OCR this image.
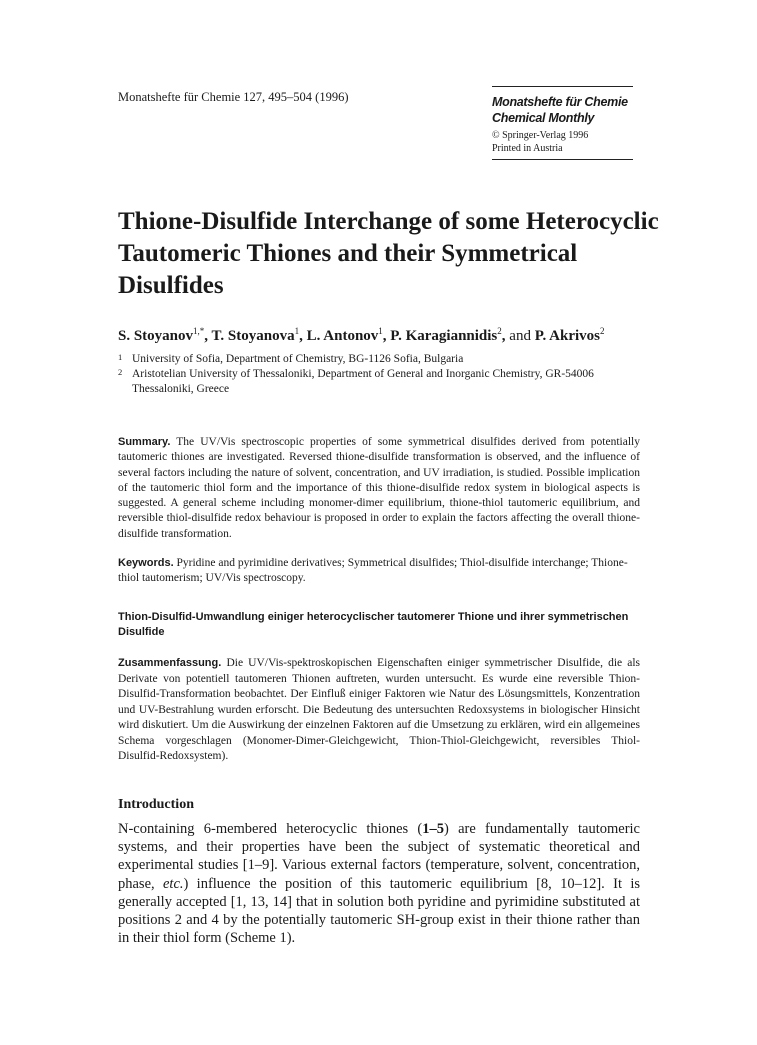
Monatshefte für Chemie 127, 495–504 (1996)	Monatshefte für Chemie
Chemical Monthly
© Springer-Verlag 1996
Printed in Austria
Thione-Disulfide Interchange of some Heterocyclic Tautomeric Thiones and their Symmetrical Disulfides

S. Stoyanov$^{1,*}$, T. Stoyanova$^1$, L. Antonov$^1$, P. Karagiannidis$^2$, and P. Akrivos$^2$

1 University of Sofia, Department of Chemistry, BG-1126 Sofia, Bulgaria
2 Aristotelian University of Thessaloniki, Department of General and Inorganic Chemistry, GR-54006 Thessaloniki, Greece

Summary. The UV/Vis spectroscopic properties of some symmetrical disulfides derived from potentially tautomeric thiones are investigated. Reversed thione-disulfide transformation is observed, and the influence of several factors including the nature of solvent, concentration, and UV irradiation, is studied. Possible implication of the tautomeric thiol form and the importance of this thione-disulfide redox system in biological aspects is suggested. A general scheme including monomer-dimer equilibrium, thione-thiol tautomeric equilibrium, and reversible thiol-disulfide redox behaviour is proposed in order to explain the factors affecting the overall thione-disulfide transformation.

Keywords. Pyridine and pyrimidine derivatives; Symmetrical disulfides; Thiol-disulfide interchange; Thione-thiol tautomerism; UV/Vis spectroscopy.

Thion-Disulfid-Umwandlung einiger heterocyclischer tautomerer Thione und ihrer symmetrischen Disulfide

Zusammenfassung. Die UV/Vis-spektroskopischen Eigenschaften einiger symmetrischer Disulfide, die als Derivate von potentiell tautomeren Thionen auftreten, wurden untersucht. Es wurde eine reversible Thion-Disulfid-Transformation beobachtet. Der Einfluß einiger Faktoren wie Natur des Lösungsmittels, Konzentration und UV-Bestrahlung wurden erforscht. Die Bedeutung des untersuchten Redoxsystems in biologischer Hinsicht wird diskutiert. Um die Auswirkung der einzelnen Faktoren auf die Umsetzung zu erklären, wird ein allgemeines Schema vorgeschlagen (Monomer-Dimer-Gleichgewicht, Thion-Thiol-Gleichgewicht, reversibles Thiol-Disulfid-Redoxsystem).

Introduction

N-containing 6-membered heterocyclic thiones (1–5) are fundamentally tautomeric systems, and their properties have been the subject of systematic theoretical and experimental studies [1–9]. Various external factors (temperature, solvent, concentration, phase, etc.) influence the position of this tautomeric equilibrium [8, 10–12]. It is generally accepted [1, 13, 14] that in solution both pyridine and pyrimidine substituted at positions 2 and 4 by the potentially tautomeric SH-group exist in their thione rather than in their thiol form (Scheme 1).
